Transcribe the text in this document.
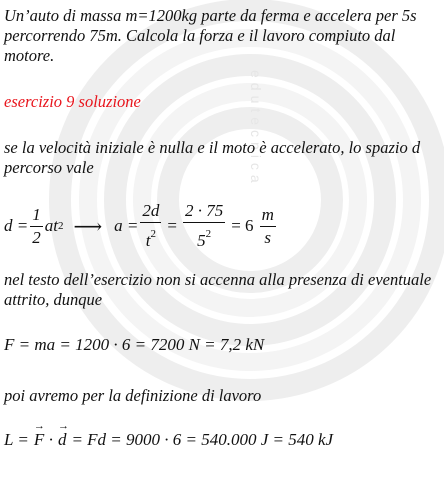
edutecnica

Un’auto di massa m=1200kg parte da ferma e accelera per 5s percorrendo 75m. Calcola la forza e il lavoro compiuto dal motore.

esercizio 9 soluzione

se la velocità iniziale è nulla e il moto è accelerato, lo spazio d percorso vale

$d = \frac{1}{2}$ at 2 ⟶ $a = \frac{2d}{t^2} = \frac{2 \cdot 75}{5^2} = 6 \frac{m}{s}$

nel testo dell’esercizio non si accenna alla presenza di eventuale attrito, dunque

F = ma = 1200 · 6 = 7200 N = 7,2 kN

poi avremo per la definizione di lavoro

L = → F · → d = Fd = 9000 · 6 = 540.000 J = 540 kJ
